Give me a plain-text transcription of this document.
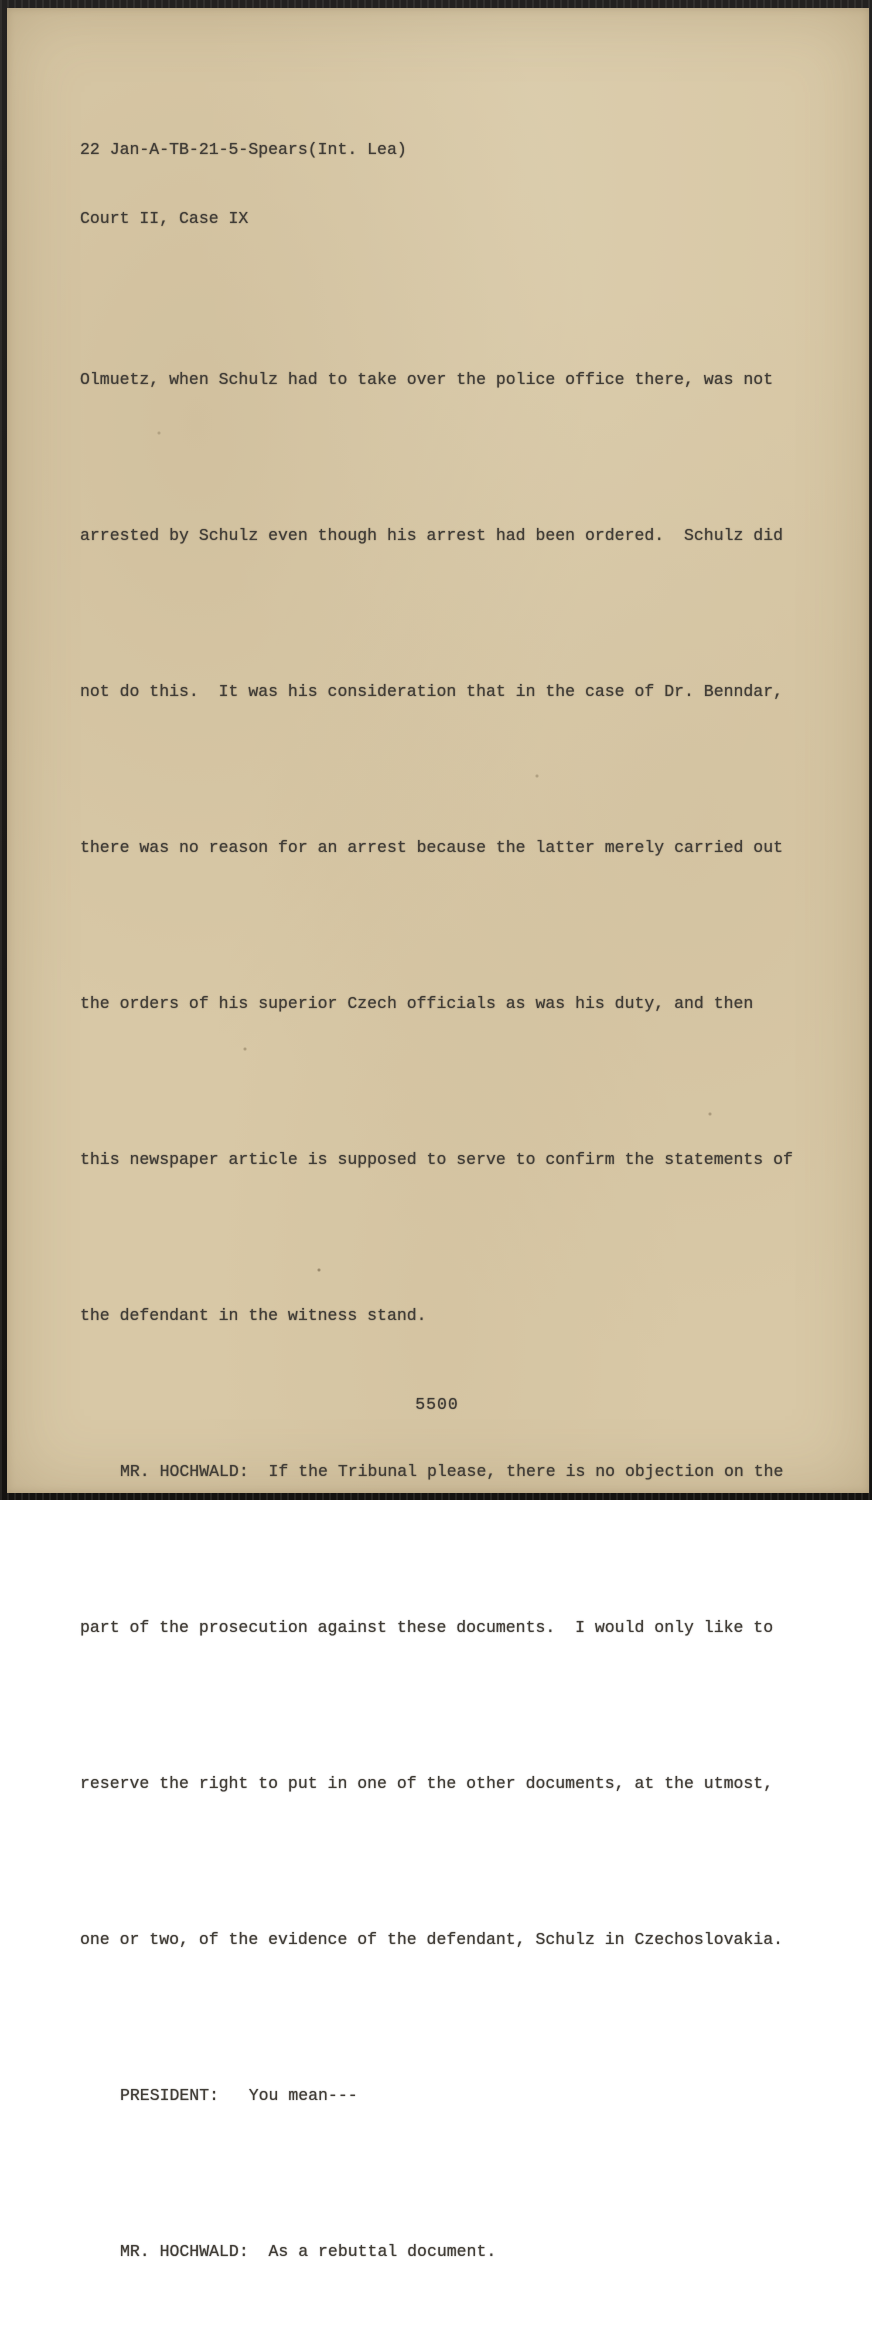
22 Jan-A-TB-21-5-Spears(Int. Lea)

Court II, Case IX

Olmuetz, when Schulz had to take over the police office there, was not

arrested by Schulz even though his arrest had been ordered.  Schulz did

not do this.  It was his consideration that in the case of Dr. Benndar,

there was no reason for an arrest because the latter merely carried out

the orders of his superior Czech officials as was his duty, and then

this newspaper article is supposed to serve to confirm the statements of

the defendant in the witness stand.

MR. HOCHWALD:  If the Tribunal please, there is no objection on the

part of the prosecution against these documents.  I would only like to

reserve the right to put in one of the other documents, at the utmost,

one or two, of the evidence of the defendant, Schulz in Czechoslovakia.

PRESIDENT:   You mean---

MR. HOCHWALD:  As a rebuttal document.

5500
